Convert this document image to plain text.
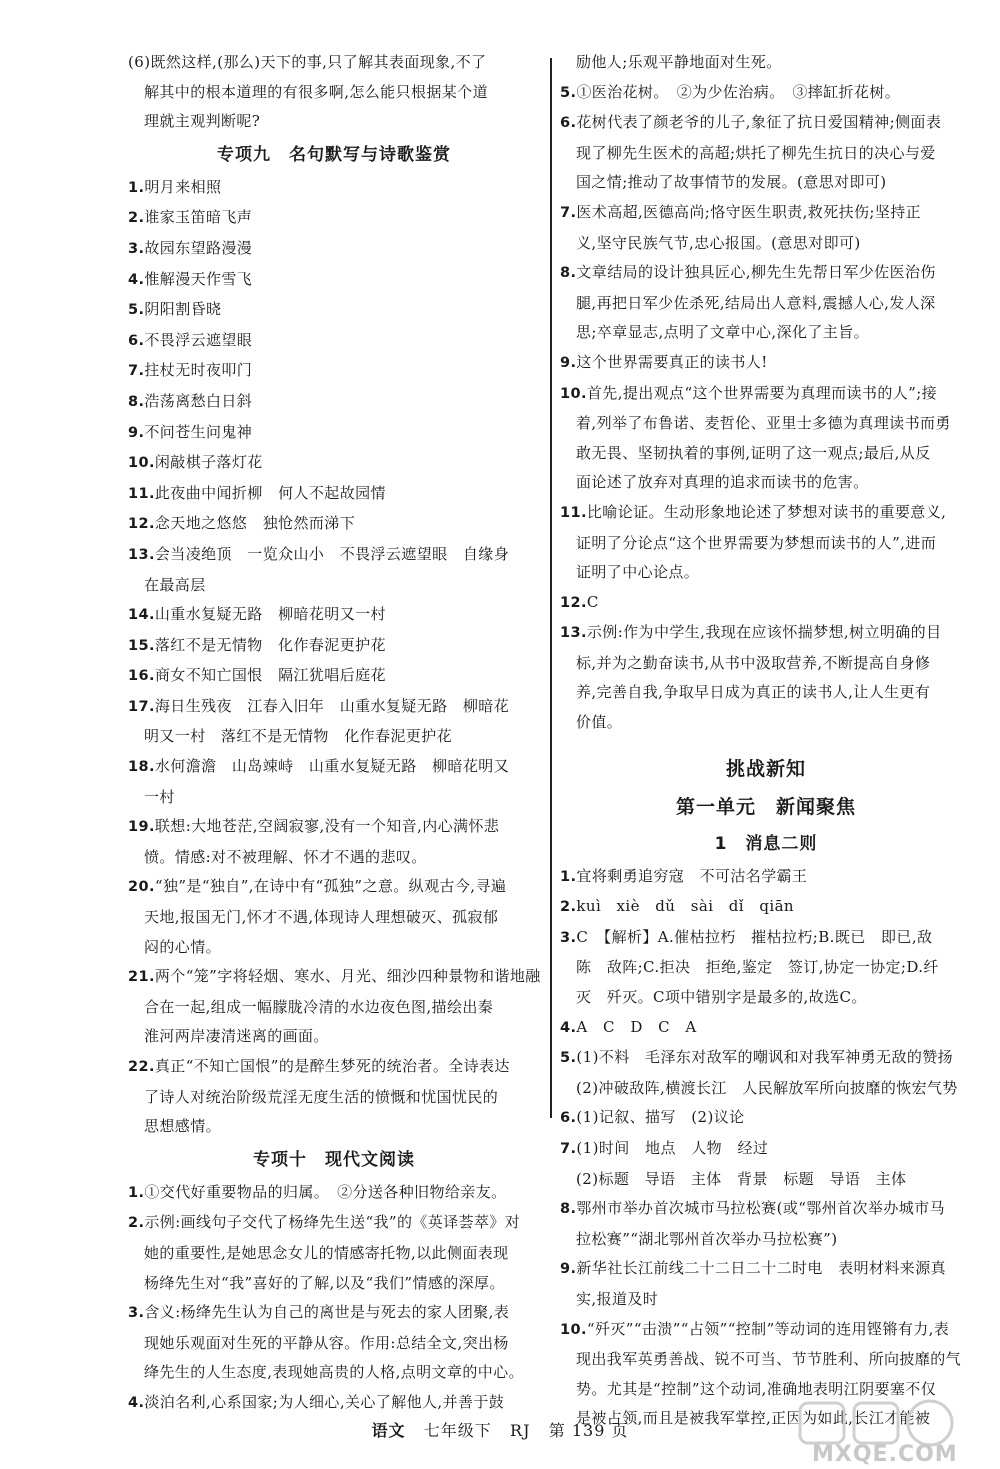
(6)既然这样,(那么)天下的事,只了解其表面现象,不了
解其中的根本道理的有很多啊,怎么能只根据某个道
理就主观判断呢?
专项九　名句默写与诗歌鉴赏
1.明月来相照
2.谁家玉笛暗飞声
3.故园东望路漫漫
4.惟解漫天作雪飞
5.阴阳割昏晓
6.不畏浮云遮望眼
7.拄杖无时夜叩门
8.浩荡离愁白日斜
9.不问苍生问鬼神
10.闲敲棋子落灯花
11.此夜曲中闻折柳　何人不起故园情
12.念天地之悠悠　独怆然而涕下
13.会当凌绝顶　一览众山小　不畏浮云遮望眼　自缘身
在最高层
14.山重水复疑无路　柳暗花明又一村
15.落红不是无情物　化作春泥更护花
16.商女不知亡国恨　隔江犹唱后庭花
17.海日生残夜　江春入旧年　山重水复疑无路　柳暗花
明又一村　落红不是无情物　化作春泥更护花
18.水何澹澹　山岛竦峙　山重水复疑无路　柳暗花明又
一村
19.联想:大地苍茫,空阔寂寥,没有一个知音,内心满怀悲
愤。情感:对不被理解、怀才不遇的悲叹。
20.“独”是“独自”,在诗中有“孤独”之意。纵观古今,寻遍
天地,报国无门,怀才不遇,体现诗人理想破灭、孤寂郁
闷的心情。
21.两个“笼”字将轻烟、寒水、月光、细沙四种景物和谐地融
合在一起,组成一幅朦胧冷清的水边夜色图,描绘出秦
淮河两岸凄清迷离的画面。
22.真正“不知亡国恨”的是醉生梦死的统治者。全诗表达
了诗人对统治阶级荒淫无度生活的愤慨和忧国忧民的
思想感情。
专项十　现代文阅读
1.①交代好重要物品的归属。　②分送各种旧物给亲友。
2.示例:画线句子交代了杨绛先生送“我”的《英译荟萃》对
她的重要性,是她思念女儿的情感寄托物,以此侧面表现
杨绛先生对“我”喜好的了解,以及“我们”情感的深厚。
3.含义:杨绛先生认为自己的离世是与死去的家人团聚,表
现她乐观面对生死的平静从容。作用:总结全文,突出杨
绛先生的人生态度,表现她高贵的人格,点明文章的中心。
4.淡泊名利,心系国家;为人细心,关心了解他人,并善于鼓
励他人;乐观平静地面对生死。
5.①医治花树。　②为少佐治病。　③摔缸折花树。
6.花树代表了颜老爷的儿子,象征了抗日爱国精神;侧面表
现了柳先生医术的高超;烘托了柳先生抗日的决心与爱
国之情;推动了故事情节的发展。(意思对即可)
7.医术高超,医德高尚;恪守医生职责,救死扶伤;坚持正
义,坚守民族气节,忠心报国。(意思对即可)
8.文章结局的设计独具匠心,柳先生先帮日军少佐医治伤
腿,再把日军少佐杀死,结局出人意料,震撼人心,发人深
思;卒章显志,点明了文章中心,深化了主旨。
9.这个世界需要真正的读书人!
10.首先,提出观点“这个世界需要为真理而读书的人”;接
着,列举了布鲁诺、麦哲伦、亚里士多德为真理读书而勇
敢无畏、坚韧执着的事例,证明了这一观点;最后,从反
面论述了放弃对真理的追求而读书的危害。
11.比喻论证。生动形象地论述了梦想对读书的重要意义,
证明了分论点“这个世界需要为梦想而读书的人”,进而
证明了中心论点。
12.C
13.示例:作为中学生,我现在应该怀揣梦想,树立明确的目
标,并为之勤奋读书,从书中汲取营养,不断提高自身修
养,完善自我,争取早日成为真正的读书人,让人生更有
价值。
挑战新知
第一单元　新闻聚焦
1　消息二则
1.宜将剩勇追穷寇　不可沽名学霸王
2.kuì　xiè　dǔ　sài　dǐ　qiān
3.C　【解析】A.催枯拉朽　摧枯拉朽;B.既已　即已,敌
陈　敌阵;C.拒决　拒绝,鉴定　签订,协定一协定;D.纤
灭　歼灭。C项中错别字是最多的,故选C。
4.A　C　D　C　A
5.(1)不料　毛泽东对敌军的嘲讽和对我军神勇无敌的赞扬
(2)冲破敌阵,横渡长江　人民解放军所向披靡的恢宏气势
6.(1)记叙、描写　(2)议论
7.(1)时间　地点　人物　经过
(2)标题　导语　主体　背景　标题　导语　主体
8.鄂州市举办首次城市马拉松赛(或“鄂州首次举办城市马
拉松赛”“湖北鄂州首次举办马拉松赛”)
9.新华社长江前线二十二日二十二时电　表明材料来源真
实,报道及时
10.“歼灭”“击溃”“占领”“控制”等动词的连用铿锵有力,表
现出我军英勇善战、锐不可当、节节胜利、所向披靡的气
势。尤其是“控制”这个动词,准确地表明江阴要塞不仅
是被占领,而且是被我军掌控,正因为如此,长江才能被
语文 七年级下 RJ 第 139 页
MXQE.COM
